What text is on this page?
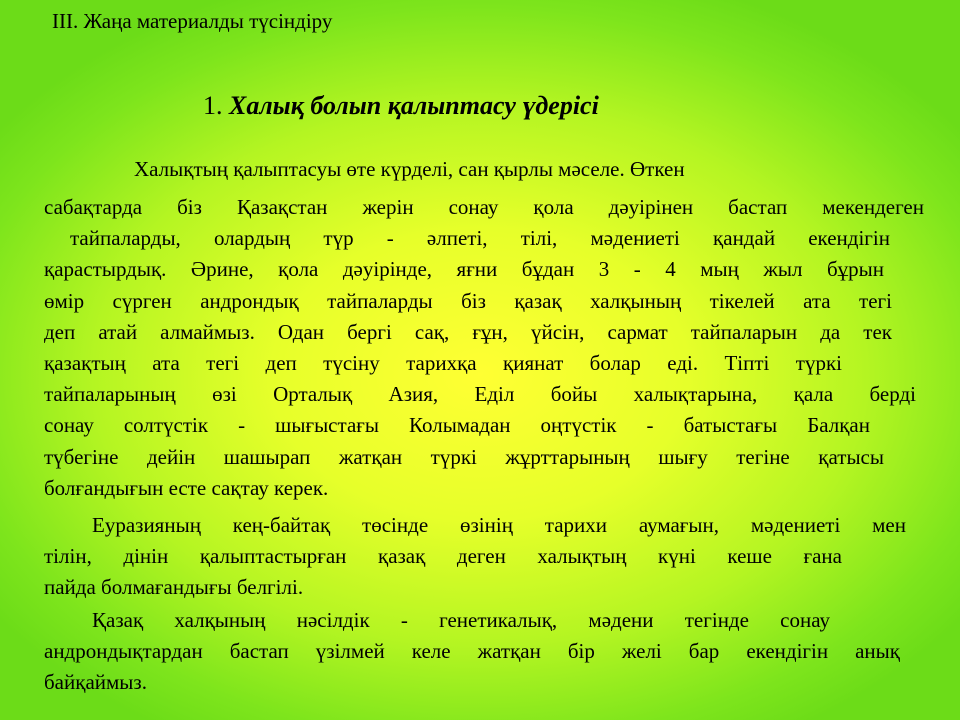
ІІІ. Жаңа материалды түсіндіру
1. Халық болып қалыптасу үдерісі
Халықтың қалыптасуы өте күрделі, сан қырлы мәселе. Өткен
сабақтарда біз Қазақстан жерін сонау қола дәуірінен бастап мекендеген
тайпаларды, олардың түр - әлпеті, тілі, мәдениеті қандай екендігін
қарастырдық. Әрине, қола дәуірінде, яғни бұдан 3 - 4 мың жыл бұрын
өмір сүрген андрондық тайпаларды біз қазақ халқының тікелей ата тегі
деп атай алмаймыз. Одан бергі сақ, ғұн, үйсін, сармат тайпаларын да тек
қазақтың ата тегі деп түсіну тарихқа қиянат болар еді. Тіпті түркі
тайпаларының өзі Орталық Азия, Еділ бойы халықтарына, қала берді
сонау солтүстік - шығыстағы Колымадан оңтүстік - батыстағы Балқан
түбегіне дейін шашырап жатқан түркі жұрттарының шығу тегіне қатысы
болғандығын есте сақтау керек.
Еуразияның кең-байтақ төсінде өзінің тарихи аумағын, мәдениеті мен
тілін, дінін қалыптастырған қазақ деген халықтың күні кеше ғана
пайда болмағандығы белгілі.
Қазақ халқының нәсілдік - генетикалық, мәдени тегінде сонау
андрондықтардан бастап үзілмей келе жатқан бір желі бар екендігін анық
байқаймыз.
